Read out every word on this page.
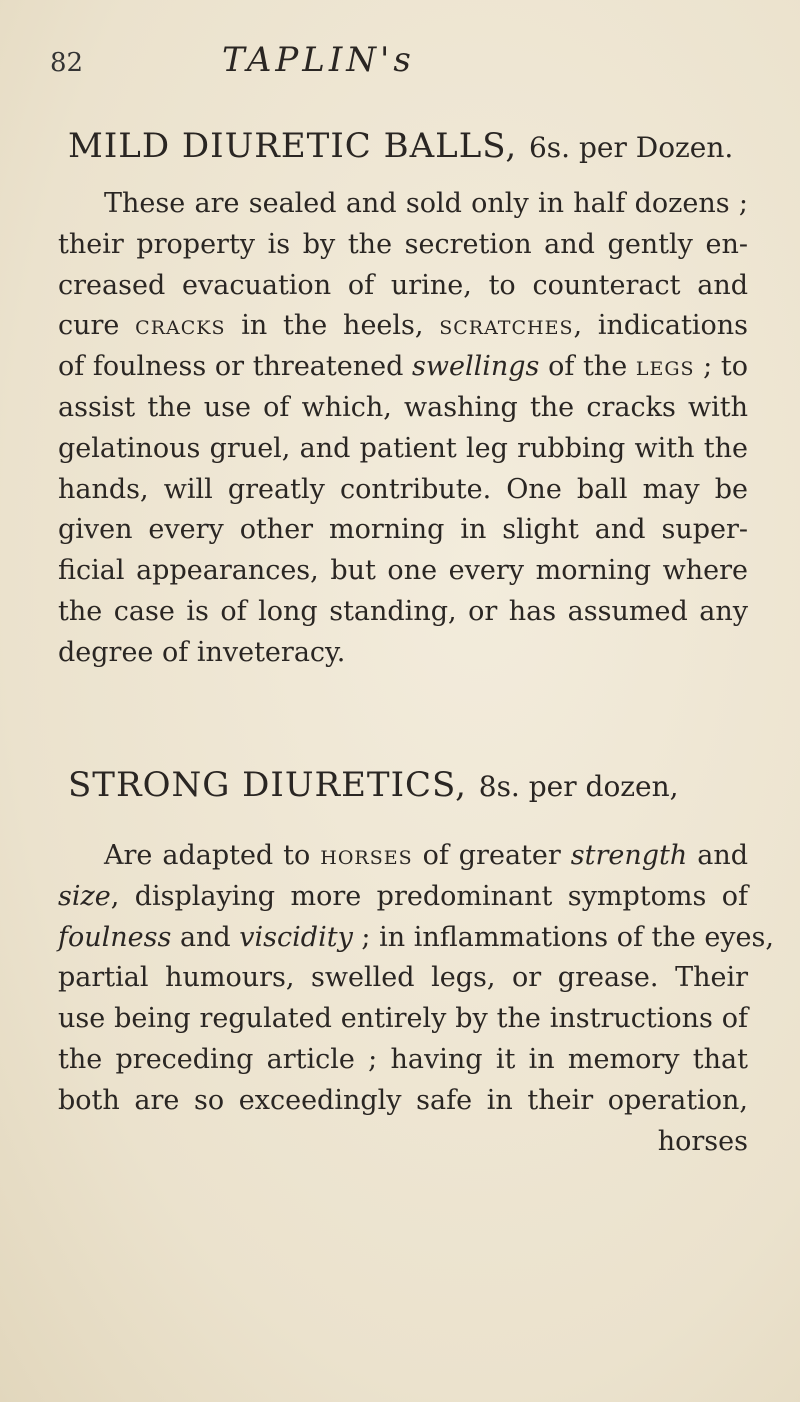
82	TAPLIN's
MILD DIURETIC BALLS, 6s. per Dozen.
These are sealed and sold only in half dozens ;
their property is by the secretion and gently en-
creased evacuation of urine, to counteract and
cure cracks in the heels, scratches, indications
of foulness or threatened swellings of the legs ; to
assist the use of which, washing the cracks with
gelatinous gruel, and patient leg rubbing with the
hands, will greatly contribute. One ball may be
given every other morning in slight and super-
ficial appearances, but one every morning where
the case is of long standing, or has assumed any
degree of inveteracy.
STRONG DIURETICS, 8s. per dozen,
Are adapted to horses of greater strength and
size, displaying more predominant symptoms of
foulness and viscidity ; in inflammations of the eyes,
partial humours, swelled legs, or grease. Their
use being regulated entirely by the instructions of
the preceding article ; having it in memory that
both are so exceedingly safe in their operation,
horses
